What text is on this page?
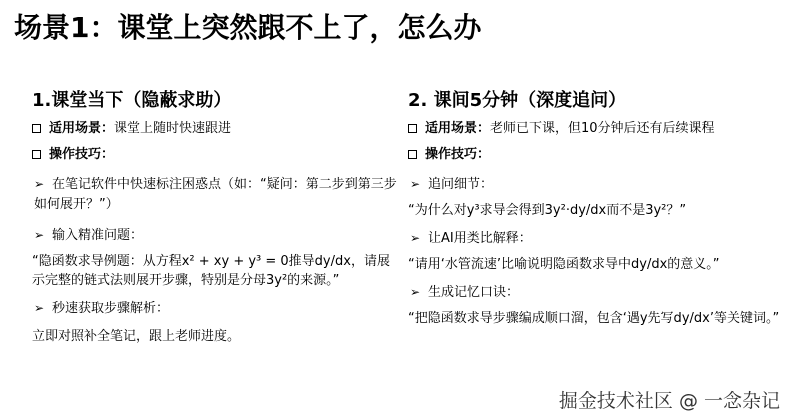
场景1：课堂上突然跟不上了，怎么办
1.课堂当下（隐蔽求助）
适用场景：课堂上随时快速跟进
操作技巧：
➢ 在笔记软件中快速标注困惑点（如：“疑问：第二步到第三步如何展开？”）
➢ 输入精准问题：
“隐函数求导例题：从方程x² + xy + y³ = 0推导dy/dx，请展示完整的链式法则展开步骤，特别是分母3y²的来源。”
➢ 秒速获取步骤解析：
立即对照补全笔记，跟上老师进度。
2. 课间5分钟（深度追问）
适用场景：老师已下课，但10分钟后还有后续课程
操作技巧：
➢ 追问细节：
“为什么对y³求导会得到3y²·dy/dx而不是3y²？”
➢ 让AI用类比解释：
“请用‘水管流速’比喻说明隐函数求导中dy/dx的意义。”
➢ 生成记忆口诀：
“把隐函数求导步骤编成顺口溜，包含‘遇y先写dy/dx’等关键词。”
掘金技术社区 @ 一念杂记
